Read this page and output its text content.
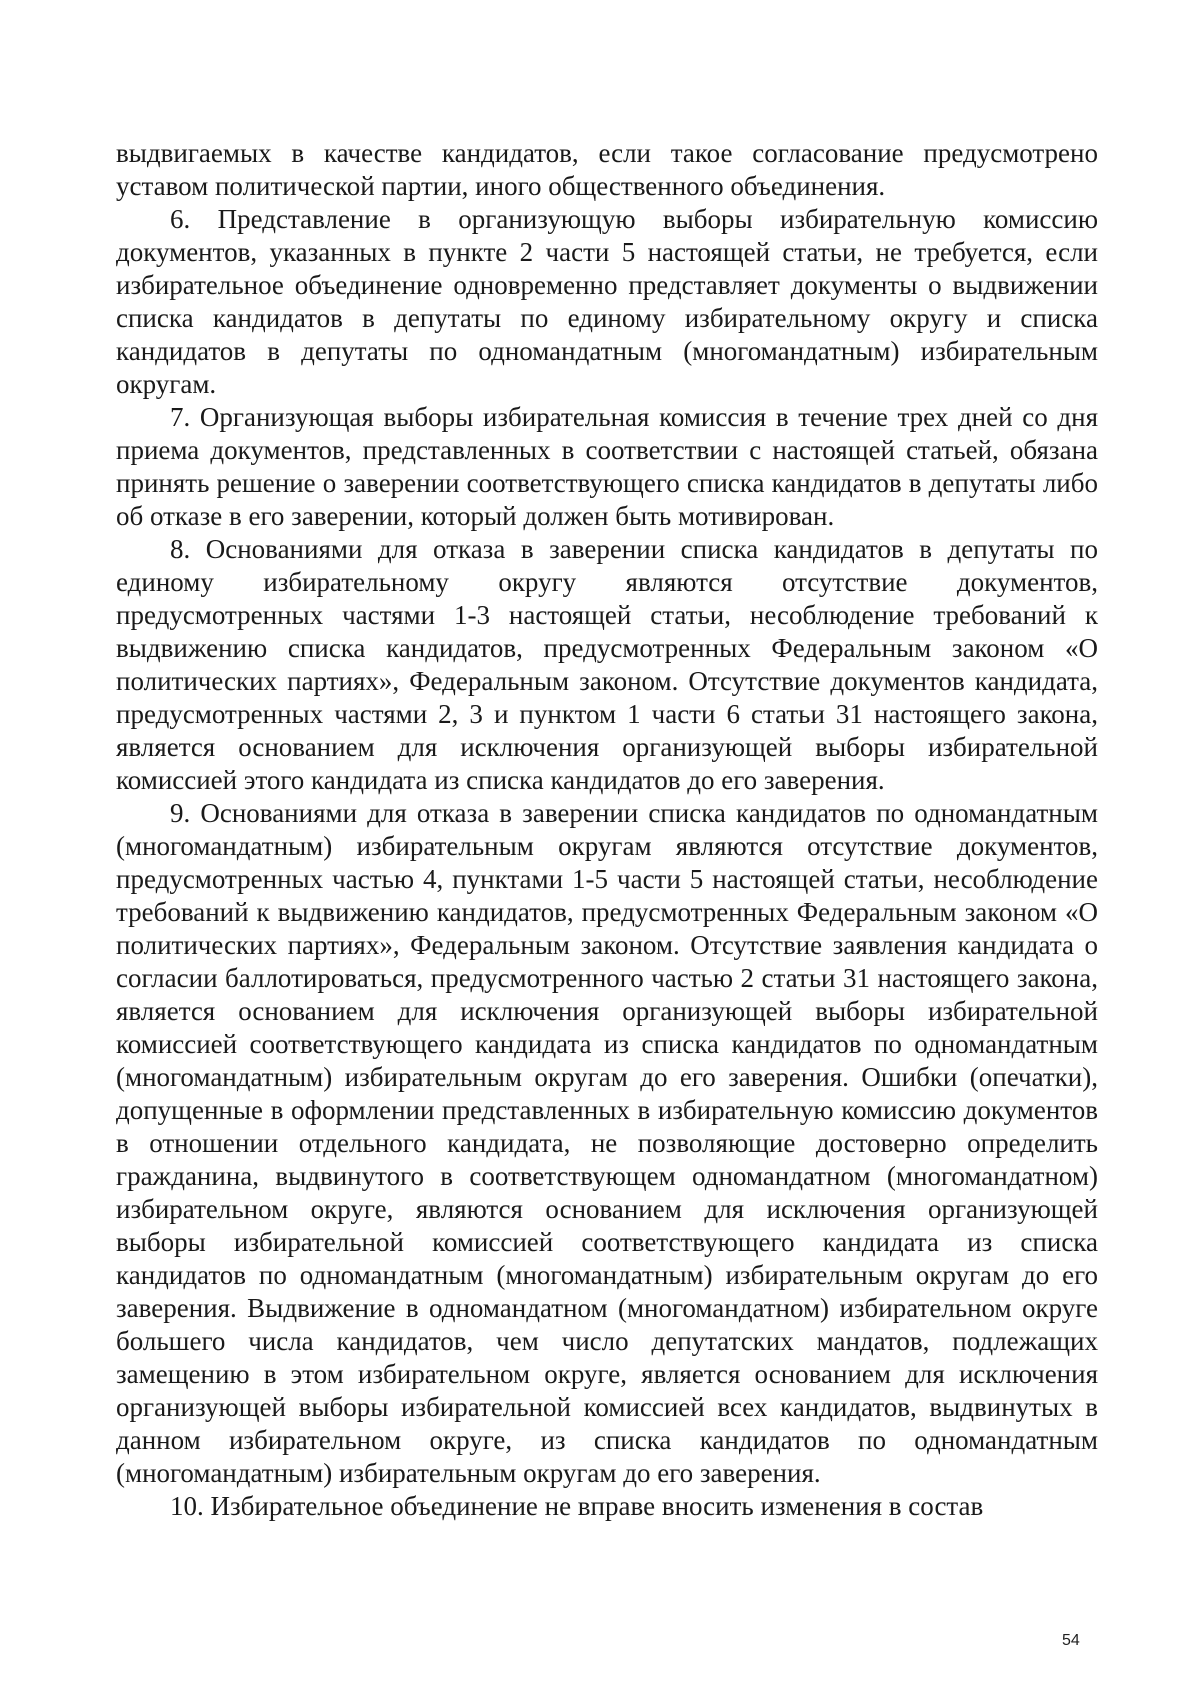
выдвигаемых в качестве кандидатов, если такое согласование предусмотрено уставом политической партии, иного общественного объединения.

6. Представление в организующую выборы избирательную комиссию документов, указанных в пункте 2 части 5 настоящей статьи, не требуется, если избирательное объединение одновременно представляет документы о выдвижении списка кандидатов в депутаты по единому избирательному округу и списка кандидатов в депутаты по одномандатным (многомандатным) избирательным округам.

7. Организующая выборы избирательная комиссия в течение трех дней со дня приема документов, представленных в соответствии с настоящей статьей, обязана принять решение о заверении соответствующего списка кандидатов в депутаты либо об отказе в его заверении, который должен быть мотивирован.

8. Основаниями для отказа в заверении списка кандидатов в депутаты по единому избирательному округу являются отсутствие документов, предусмотренных частями 1-3 настоящей статьи, несоблюдение требований к выдвижению списка кандидатов, предусмотренных Федеральным законом «О политических партиях», Федеральным законом. Отсутствие документов кандидата, предусмотренных частями 2, 3 и пунктом 1 части 6 статьи 31 настоящего закона, является основанием для исключения организующей выборы избирательной комиссией этого кандидата из списка кандидатов до его заверения.

9. Основаниями для отказа в заверении списка кандидатов по одномандатным (многомандатным) избирательным округам являются отсутствие документов, предусмотренных частью 4, пунктами 1-5 части 5 настоящей статьи, несоблюдение требований к выдвижению кандидатов, предусмотренных Федеральным законом «О политических партиях», Федеральным законом. Отсутствие заявления кандидата о согласии баллотироваться, предусмотренного частью 2 статьи 31 настоящего закона, является основанием для исключения организующей выборы избирательной комиссией соответствующего кандидата из списка кандидатов по одномандатным (многомандатным) избирательным округам до его заверения. Ошибки (опечатки), допущенные в оформлении представленных в избирательную комиссию документов в отношении отдельного кандидата, не позволяющие достоверно определить гражданина, выдвинутого в соответствующем одномандатном (многомандатном) избирательном округе, являются основанием для исключения организующей выборы избирательной комиссией соответствующего кандидата из списка кандидатов по одномандатным (многомандатным) избирательным округам до его заверения. Выдвижение в одномандатном (многомандатном) избирательном округе большего числа кандидатов, чем число депутатских мандатов, подлежащих замещению в этом избирательном округе, является основанием для исключения организующей выборы избирательной комиссией всех кандидатов, выдвинутых в данном избирательном округе, из списка кандидатов по одномандатным (многомандатным) избирательным округам до его заверения.

10. Избирательное объединение не вправе вносить изменения в состав

54
